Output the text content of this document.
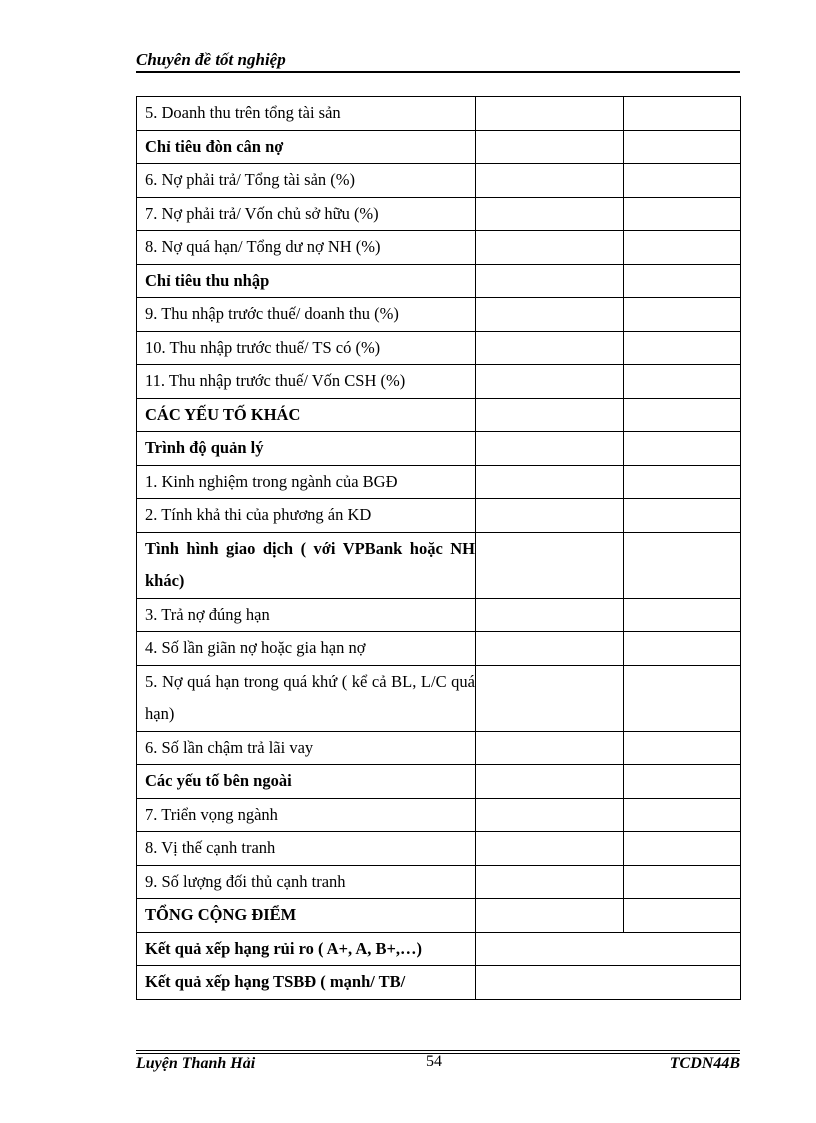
Chuyên đề tốt nghiệp
5. Doanh thu trên tổng tài sản		
Chỉ tiêu đòn cân nợ		
6. Nợ phải trả/ Tổng tài sản (%)		
7. Nợ phải trả/ Vốn chủ sở hữu (%)		
8. Nợ quá hạn/ Tổng dư nợ NH (%)		
Chỉ tiêu thu nhập		
9. Thu nhập trước thuế/ doanh thu (%)		
10. Thu nhập trước thuế/ TS có (%)		
11. Thu nhập trước thuế/ Vốn CSH (%)		
CÁC YẾU TỐ KHÁC		
Trình độ quản lý		
1. Kinh nghiệm trong ngành của BGĐ		
2. Tính khả thi của phương án KD		
Tình hình giao dịch ( với VPBank hoặc NH khác)		
3. Trả nợ đúng hạn		
4. Số lần giãn nợ hoặc gia hạn nợ		
5. Nợ quá hạn trong quá khứ ( kể cả BL, L/C quá hạn)		
6. Số lần chậm trả lãi vay		
Các yếu tố bên ngoài		
7. Triển vọng ngành		
8. Vị thế cạnh tranh		
9. Số lượng đối thủ cạnh tranh		
TỔNG CỘNG ĐIỂM		
Kết quả xếp hạng rủi ro ( A+, A, B+,…)		
Kết quả xếp hạng TSBĐ ( mạnh/ TB/		
Luyện Thanh Hải	54	TCDN44B
